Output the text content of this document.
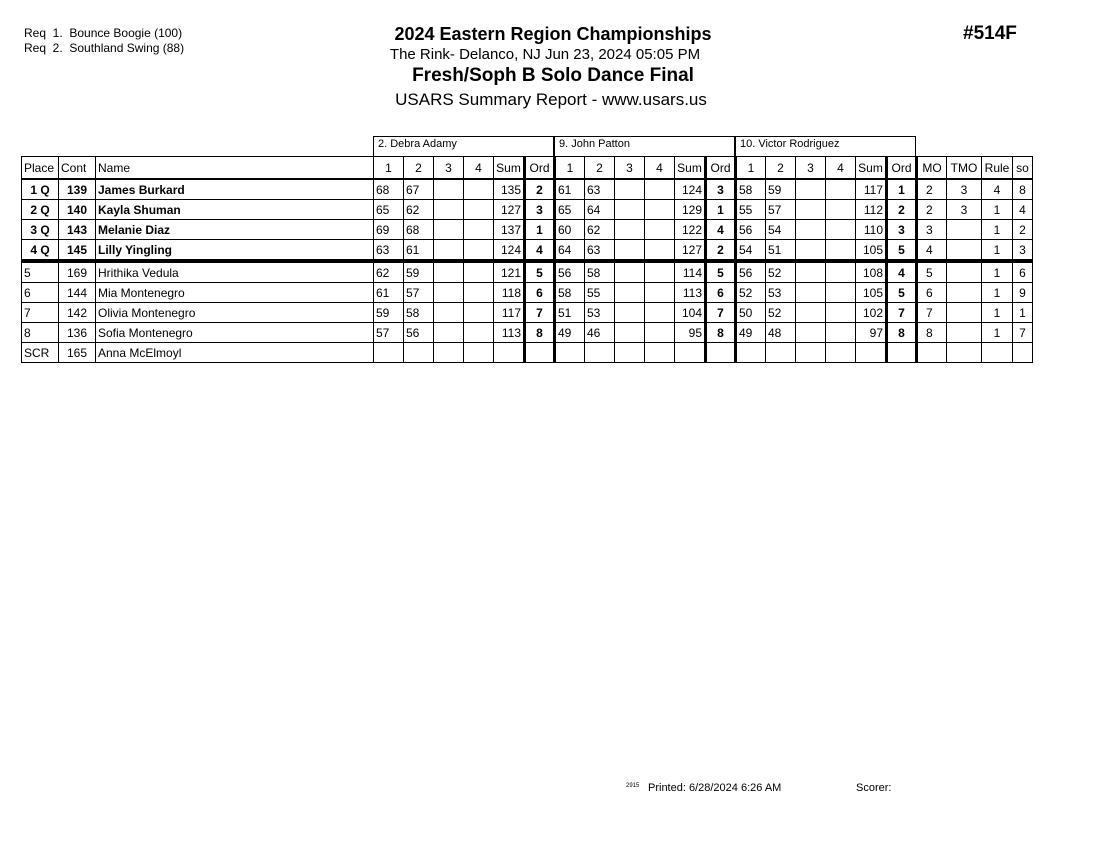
Req  1.  Bounce Boogie (100)
Req  2.  Southland Swing (88)
2024 Eastern Region Championships
The Rink- Delanco, NJ Jun 23, 2024 05:05 PM
Fresh/Soph B Solo Dance Final
USARS Summary Report - www.usars.us
#514F
2. Debra Adamy	9. John Patton	10. Victor Rodriguez
Place	Cont	Name	1	2	3	4	Sum	Ord	1	2	3	4	Sum	Ord	1	2	3	4	Sum	Ord	MO	TMO	Rule	so
1 Q	139	James Burkard	68	67			135	2	61	63			124	3	58	59			117	1	2	3	4	8
2 Q	140	Kayla Shuman	65	62			127	3	65	64			129	1	55	57			112	2	2	3	1	4
3 Q	143	Melanie Diaz	69	68			137	1	60	62			122	4	56	54			110	3	3		1	2
4 Q	145	Lilly Yingling	63	61			124	4	64	63			127	2	54	51			105	5	4		1	3
5	169	Hrithika Vedula	62	59			121	5	56	58			114	5	56	52			108	4	5		1	6
6	144	Mia Montenegro	61	57			118	6	58	55			113	6	52	53			105	5	6		1	9
7	142	Olivia Montenegro	59	58			117	7	51	53			104	7	50	52			102	7	7		1	1
8	136	Sofia Montenegro	57	56			113	8	49	46			95	8	49	48			97	8	8		1	7
SCR	165	Anna McElmoyl																						
2915 Printed: 6/28/2024 6:26 AM	Scorer:
